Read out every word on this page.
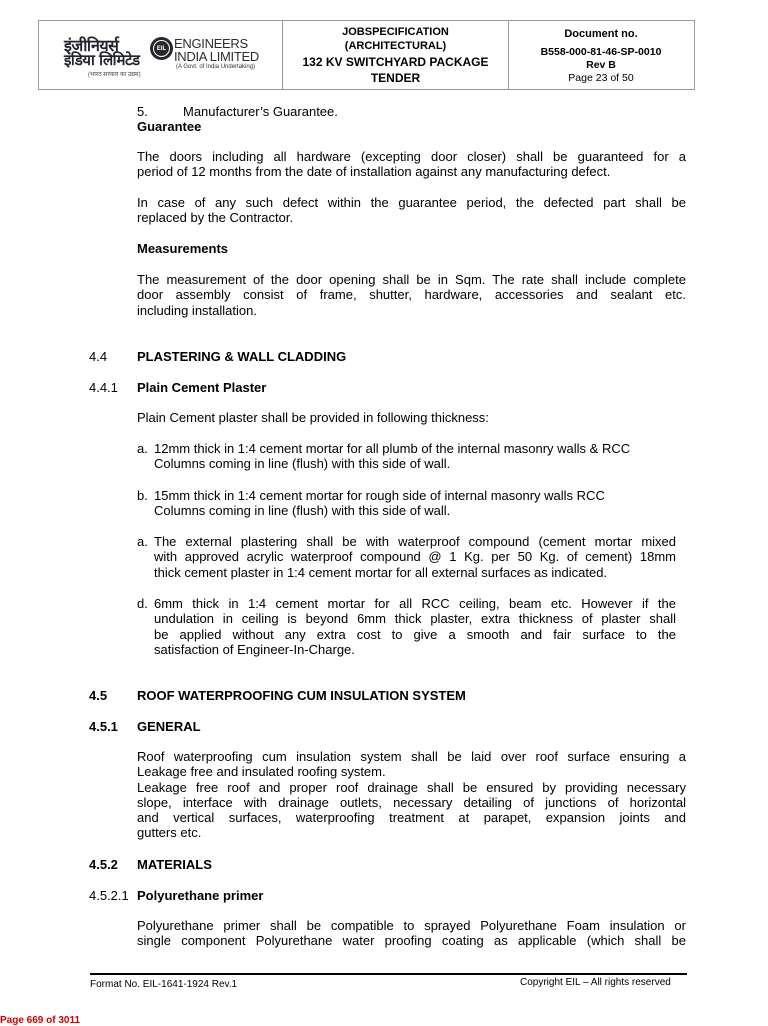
इंजीनियर्स
इंडिया लिमिटेड
(भारत सरकार का उद्यम)
EIL ENGINEERS
INDIA LIMITED
(A Govt. of India Undertaking)
JOBSPECIFICATION
(ARCHITECTURAL)
132 KV SWITCHYARD PACKAGE
TENDER
Document no.
B558-000-81-46-SP-0010
Rev B
Page 23 of 50
5.	Manufacturer’s Guarantee.
Guarantee
The doors including all hardware (excepting door closer) shall be guaranteed for a
period of 12 months from the date of installation against any manufacturing defect.
In case of any such defect within the guarantee period, the defected part shall be
replaced by the Contractor.
Measurements
The measurement of the door opening shall be in Sqm. The rate shall include complete
door assembly consist of frame, shutter, hardware, accessories and sealant etc.
including installation.
4.4 PLASTERING & WALL CLADDING
4.4.1 Plain Cement Plaster
Plain Cement plaster shall be provided in following thickness:
a. 12mm thick in 1:4 cement mortar for all plumb of the internal masonry walls & RCC
Columns coming in line (flush) with this side of wall.
b. 15mm thick in 1:4 cement mortar for rough side of internal masonry walls RCC
Columns coming in line (flush) with this side of wall.
a. The external plastering shall be with waterproof compound (cement mortar mixed
with approved acrylic waterproof compound @ 1 Kg. per 50 Kg. of cement) 18mm
thick cement plaster in 1:4 cement mortar for all external surfaces as indicated.
d. 6mm thick in 1:4 cement mortar for all RCC ceiling, beam etc. However if the
undulation in ceiling is beyond 6mm thick plaster, extra thickness of plaster shall
be applied without any extra cost to give a smooth and fair surface to the
satisfaction of Engineer-In-Charge.
4.5 ROOF WATERPROOFING CUM INSULATION SYSTEM
4.5.1 GENERAL
Roof waterproofing cum insulation system shall be laid over roof surface ensuring a
Leakage free and insulated roofing system.
Leakage free roof and proper roof drainage shall be ensured by providing necessary
slope, interface with drainage outlets, necessary detailing of junctions of horizontal
and vertical surfaces, waterproofing treatment at parapet, expansion joints and
gutters etc.
4.5.2 MATERIALS
4.5.2.1 Polyurethane primer
Polyurethane primer shall be compatible to sprayed Polyurethane Foam insulation or
single component Polyurethane water proofing coating as applicable (which shall be
Format No. EIL-1641-1924 Rev.1	Copyright EIL – All rights reserved
Page 669 of 3011
